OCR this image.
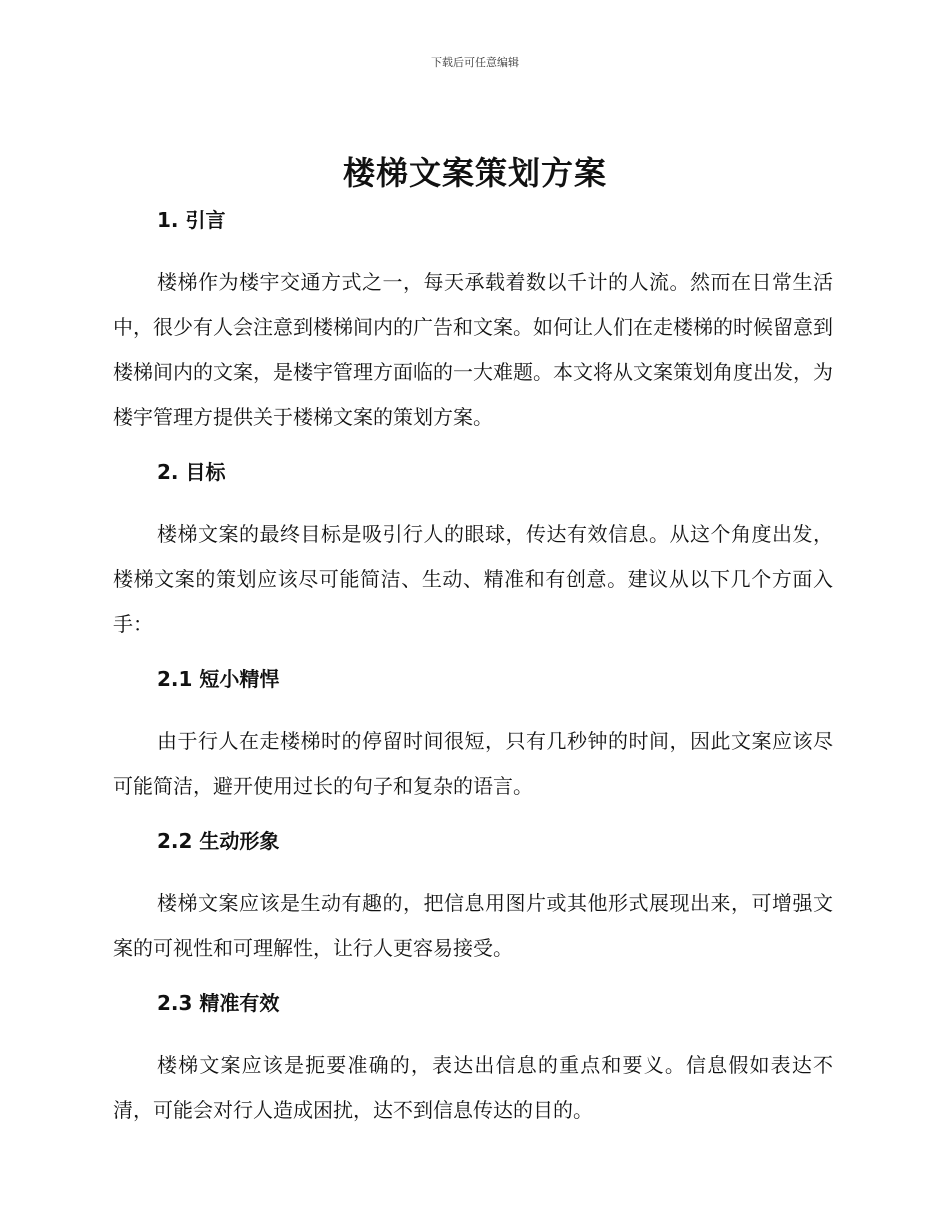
下载后可任意编辑
楼梯文案策划方案
1. 引言

楼梯作为楼宇交通方式之一，每天承载着数以千计的人流。然而在日常生活中，很少有人会注意到楼梯间内的广告和文案。如何让人们在走楼梯的时候留意到楼梯间内的文案，是楼宇管理方面临的一大难题。本文将从文案策划角度出发，为楼宇管理方提供关于楼梯文案的策划方案。

2. 目标

楼梯文案的最终目标是吸引行人的眼球，传达有效信息。从这个角度出发，楼梯文案的策划应该尽可能简洁、生动、精准和有创意。建议从以下几个方面入手：

2.1 短小精悍

由于行人在走楼梯时的停留时间很短，只有几秒钟的时间，因此文案应该尽可能简洁，避开使用过长的句子和复杂的语言。

2.2 生动形象

楼梯文案应该是生动有趣的，把信息用图片或其他形式展现出来，可增强文案的可视性和可理解性，让行人更容易接受。

2.3 精准有效

楼梯文案应该是扼要准确的，表达出信息的重点和要义。信息假如表达不清，可能会对行人造成困扰，达不到信息传达的目的。
